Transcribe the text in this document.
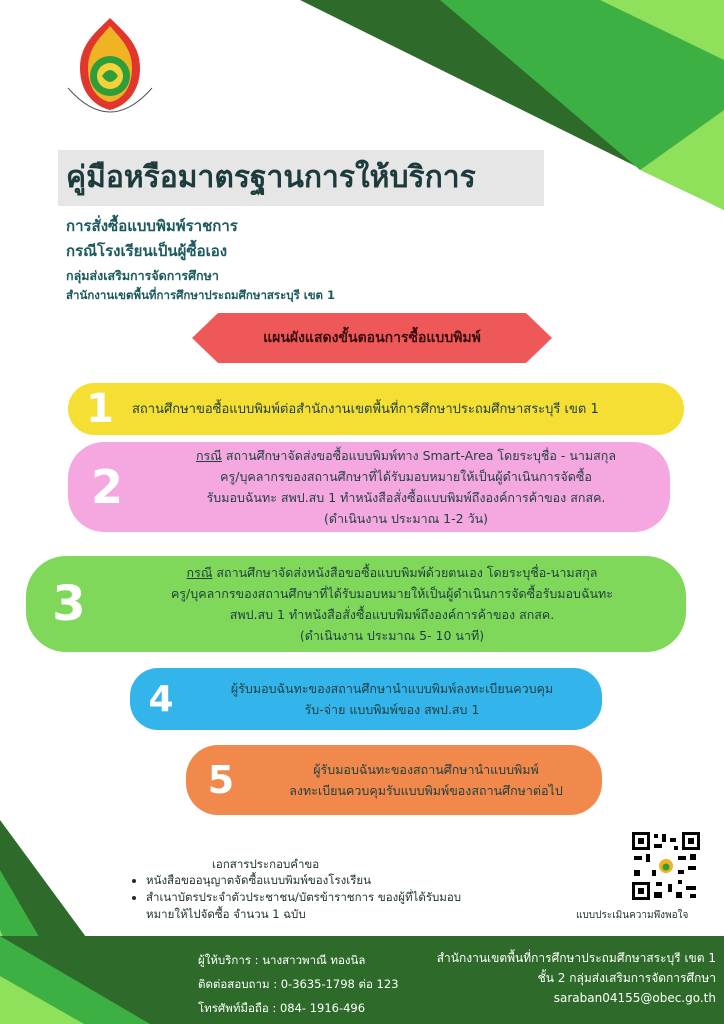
คู่มือหรือมาตรฐานการให้บริการ
การสั่งซื้อแบบพิมพ์ราชการ
กรณีโรงเรียนเป็นผู้ซื้อเอง
กลุ่มส่งเสริมการจัดการศึกษา
สำนักงานเขตพื้นที่การศึกษาประถมศึกษาสระบุรี เขต 1
แผนผังแสดงขั้นตอนการซื้อแบบพิมพ์
1	สถานศึกษาขอซื้อแบบพิมพ์ต่อสำนักงานเขตพื้นที่การศึกษาประถมศึกษาสระบุรี เขต 1
2
กรณี สถานศึกษาจัดส่งขอซื้อแบบพิมพ์ทาง Smart-Area โดยระบุชื่อ - นามสกุล
ครู/บุคลากรของสถานศึกษาที่ได้รับมอบหมายให้เป็นผู้ดำเนินการจัดซื้อ
รับมอบฉันทะ สพป.สบ 1 ทำหนังสือสั่งซื้อแบบพิมพ์ถึงองค์การค้าของ สกสค.
(ดำเนินงาน ประมาณ 1-2 วัน)
3
กรณี สถานศึกษาจัดส่งหนังสือขอซื้อแบบพิมพ์ด้วยตนเอง โดยระบุชื่อ-นามสกุล
ครู/บุคลากรของสถานศึกษาที่ได้รับมอบหมายให้เป็นผู้ดำเนินการจัดซื้อรับมอบฉันทะ
สพป.สบ 1 ทำหนังสือสั่งซื้อแบบพิมพ์ถึงองค์การค้าของ สกสค.
(ดำเนินงาน ประมาณ 5- 10 นาที)
4	ผู้รับมอบฉันทะของสถานศึกษานำแบบพิมพ์ลงทะเบียนควบคุม
รับ-จ่าย แบบพิมพ์ของ สพป.สบ 1
5	ผู้รับมอบฉันทะของสถานศึกษานำแบบพิมพ์
ลงทะเบียนควบคุมรับแบบพิมพ์ของสถานศึกษาต่อไป
เอกสารประกอบคำขอ
• หนังสือขออนุญาตจัดซื้อแบบพิมพ์ของโรงเรียน
• สำเนาบัตรประจำตัวประชาชน/บัตรข้าราชการ ของผู้ที่ได้รับมอบหมายให้ไปจัดซื้อ จำนวน 1 ฉบับ	แบบประเมินความพึงพอใจ
ผู้ให้บริการ : นางสาวพาณี ทองนิล
ติดต่อสอบถาม : 0-3635-1798 ต่อ 123
โทรศัพท์มือถือ : 084- 1916-496
สำนักงานเขตพื้นที่การศึกษาประถมศึกษาสระบุรี เขต 1
ชั้น 2 กลุ่มส่งเสริมการจัดการศึกษา
saraban04155@obec.go.th
